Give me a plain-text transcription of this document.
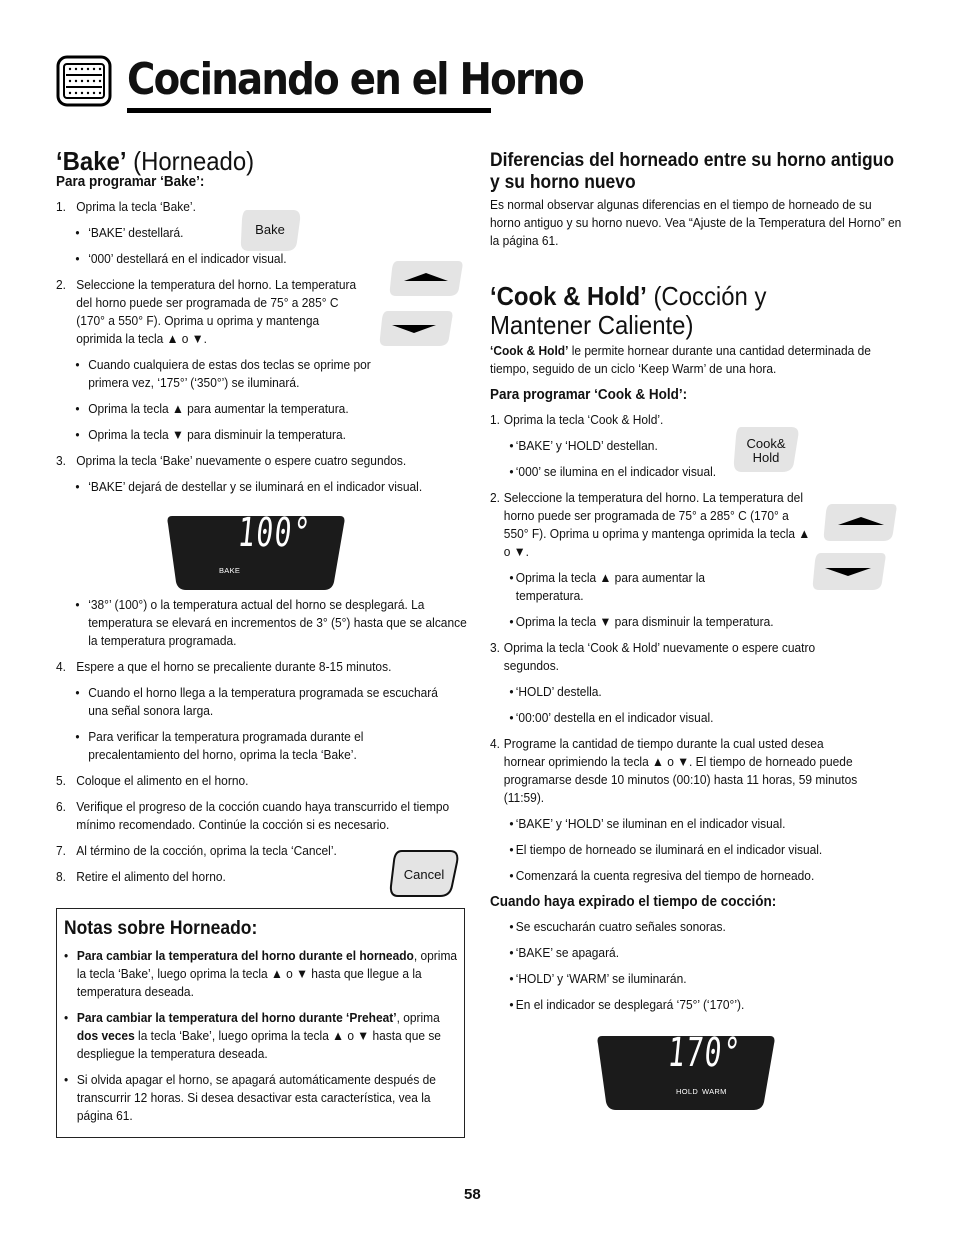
Cocinando en el Horno
‘Bake’ (Horneado)
Para programar ‘Bake’:
1. Oprima la tecla ‘Bake’.
• ‘BAKE’ destellará.
• ‘000’ destellará en el indicador visual.
2. Seleccione la temperatura del horno. La temperatura del horno puede ser programada de 75° a 285° C (170° a 550° F). Oprima u oprima y mantenga oprimida la tecla ▲ o ▼.
• Cuando cualquiera de estas dos teclas se oprime por primera vez, ‘175°’ (‘350°’) se iluminará.
• Oprima la tecla ▲ para aumentar la temperatura.
• Oprima la tecla ▼ para disminuir la temperatura.
3. Oprima la tecla ‘Bake’ nuevamente o espere cuatro segundos.
• ‘BAKE’ dejará de destellar y se iluminará en el indicador visual.
• ‘38°’ (100°) o la temperatura actual del horno se desplegará. La temperatura se elevará en incrementos de 3° (5°) hasta que se alcance la temperatura programada.
4. Espere a que el horno se precaliente durante 8-15 minutos.
• Cuando el horno llega a la temperatura programada se escuchará una señal sonora larga.
• Para verificar la temperatura programada durante el precalentamiento del horno, oprima la tecla ‘Bake’.
5. Coloque el alimento en el horno.
6. Verifique el progreso de la cocción cuando haya transcurrido el tiempo mínimo recomendado. Continúe la cocción si es necesario.
7. Al término de la cocción, oprima la tecla ‘Cancel’.
8. Retire el alimento del horno.
Bake
100°
BAKE
Cancel
Notas sobre Horneado:
• Para cambiar la temperatura del horno durante el horneado, oprima la tecla ‘Bake’, luego oprima la tecla ▲ o ▼ hasta que llegue a la temperatura deseada.
• Para cambiar la temperatura del horno durante ‘Preheat’, oprima dos veces la tecla ‘Bake’, luego oprima la tecla ▲ o ▼ hasta que se despliegue la temperatura deseada.
• Si olvida apagar el horno, se apagará automáticamente después de transcurrir 12 horas. Si desea desactivar esta característica, vea la página 61.
Diferencias del horneado entre su horno antiguo y su horno nuevo
Es normal observar algunas diferencias en el tiempo de horneado de su horno antiguo y su horno nuevo. Vea “Ajuste de la Temperatura del Horno” en la página 61.
‘Cook & Hold’ (Cocción y
Mantener Caliente)
‘Cook & Hold’ le permite hornear durante una cantidad determinada de tiempo, seguido de un ciclo ‘Keep Warm’ de una hora.
Para programar ‘Cook & Hold’:
1. Oprima la tecla ‘Cook & Hold’.
• ‘BAKE’ y ‘HOLD’ destellan.
• ‘000’ se ilumina en el indicador visual.
2. Seleccione la temperatura del horno. La temperatura del horno puede ser programada de 75° a 285° C (170° a 550° F). Oprima u oprima y mantenga oprimida la tecla ▲ o ▼.
• Oprima la tecla ▲ para aumentar la temperatura.
• Oprima la tecla ▼ para disminuir la temperatura.
3. Oprima la tecla ‘Cook & Hold’ nuevamente o espere cuatro segundos.
• ‘HOLD’ destella.
• ‘00:00’ destella en el indicador visual.
4. Programe la cantidad de tiempo durante la cual usted desea hornear oprimiendo la tecla ▲ o ▼. El tiempo de horneado puede programarse desde 10 minutos (00:10) hasta 11 horas, 59 minutos (11:59).
• ‘BAKE’ y ‘HOLD’ se iluminan en el indicador visual.
• El tiempo de horneado se iluminará en el indicador visual.
• Comenzará la cuenta regresiva del tiempo de horneado.
Cuando haya expirado el tiempo de cocción:
• Se escucharán cuatro señales sonoras.
• ‘BAKE’ se apagará.
• ‘HOLD’ y ‘WARM’ se iluminarán.
• En el indicador se desplegará ‘75°’ (‘170°’).
Cook&
Hold
170°
HOLD WARM
58
